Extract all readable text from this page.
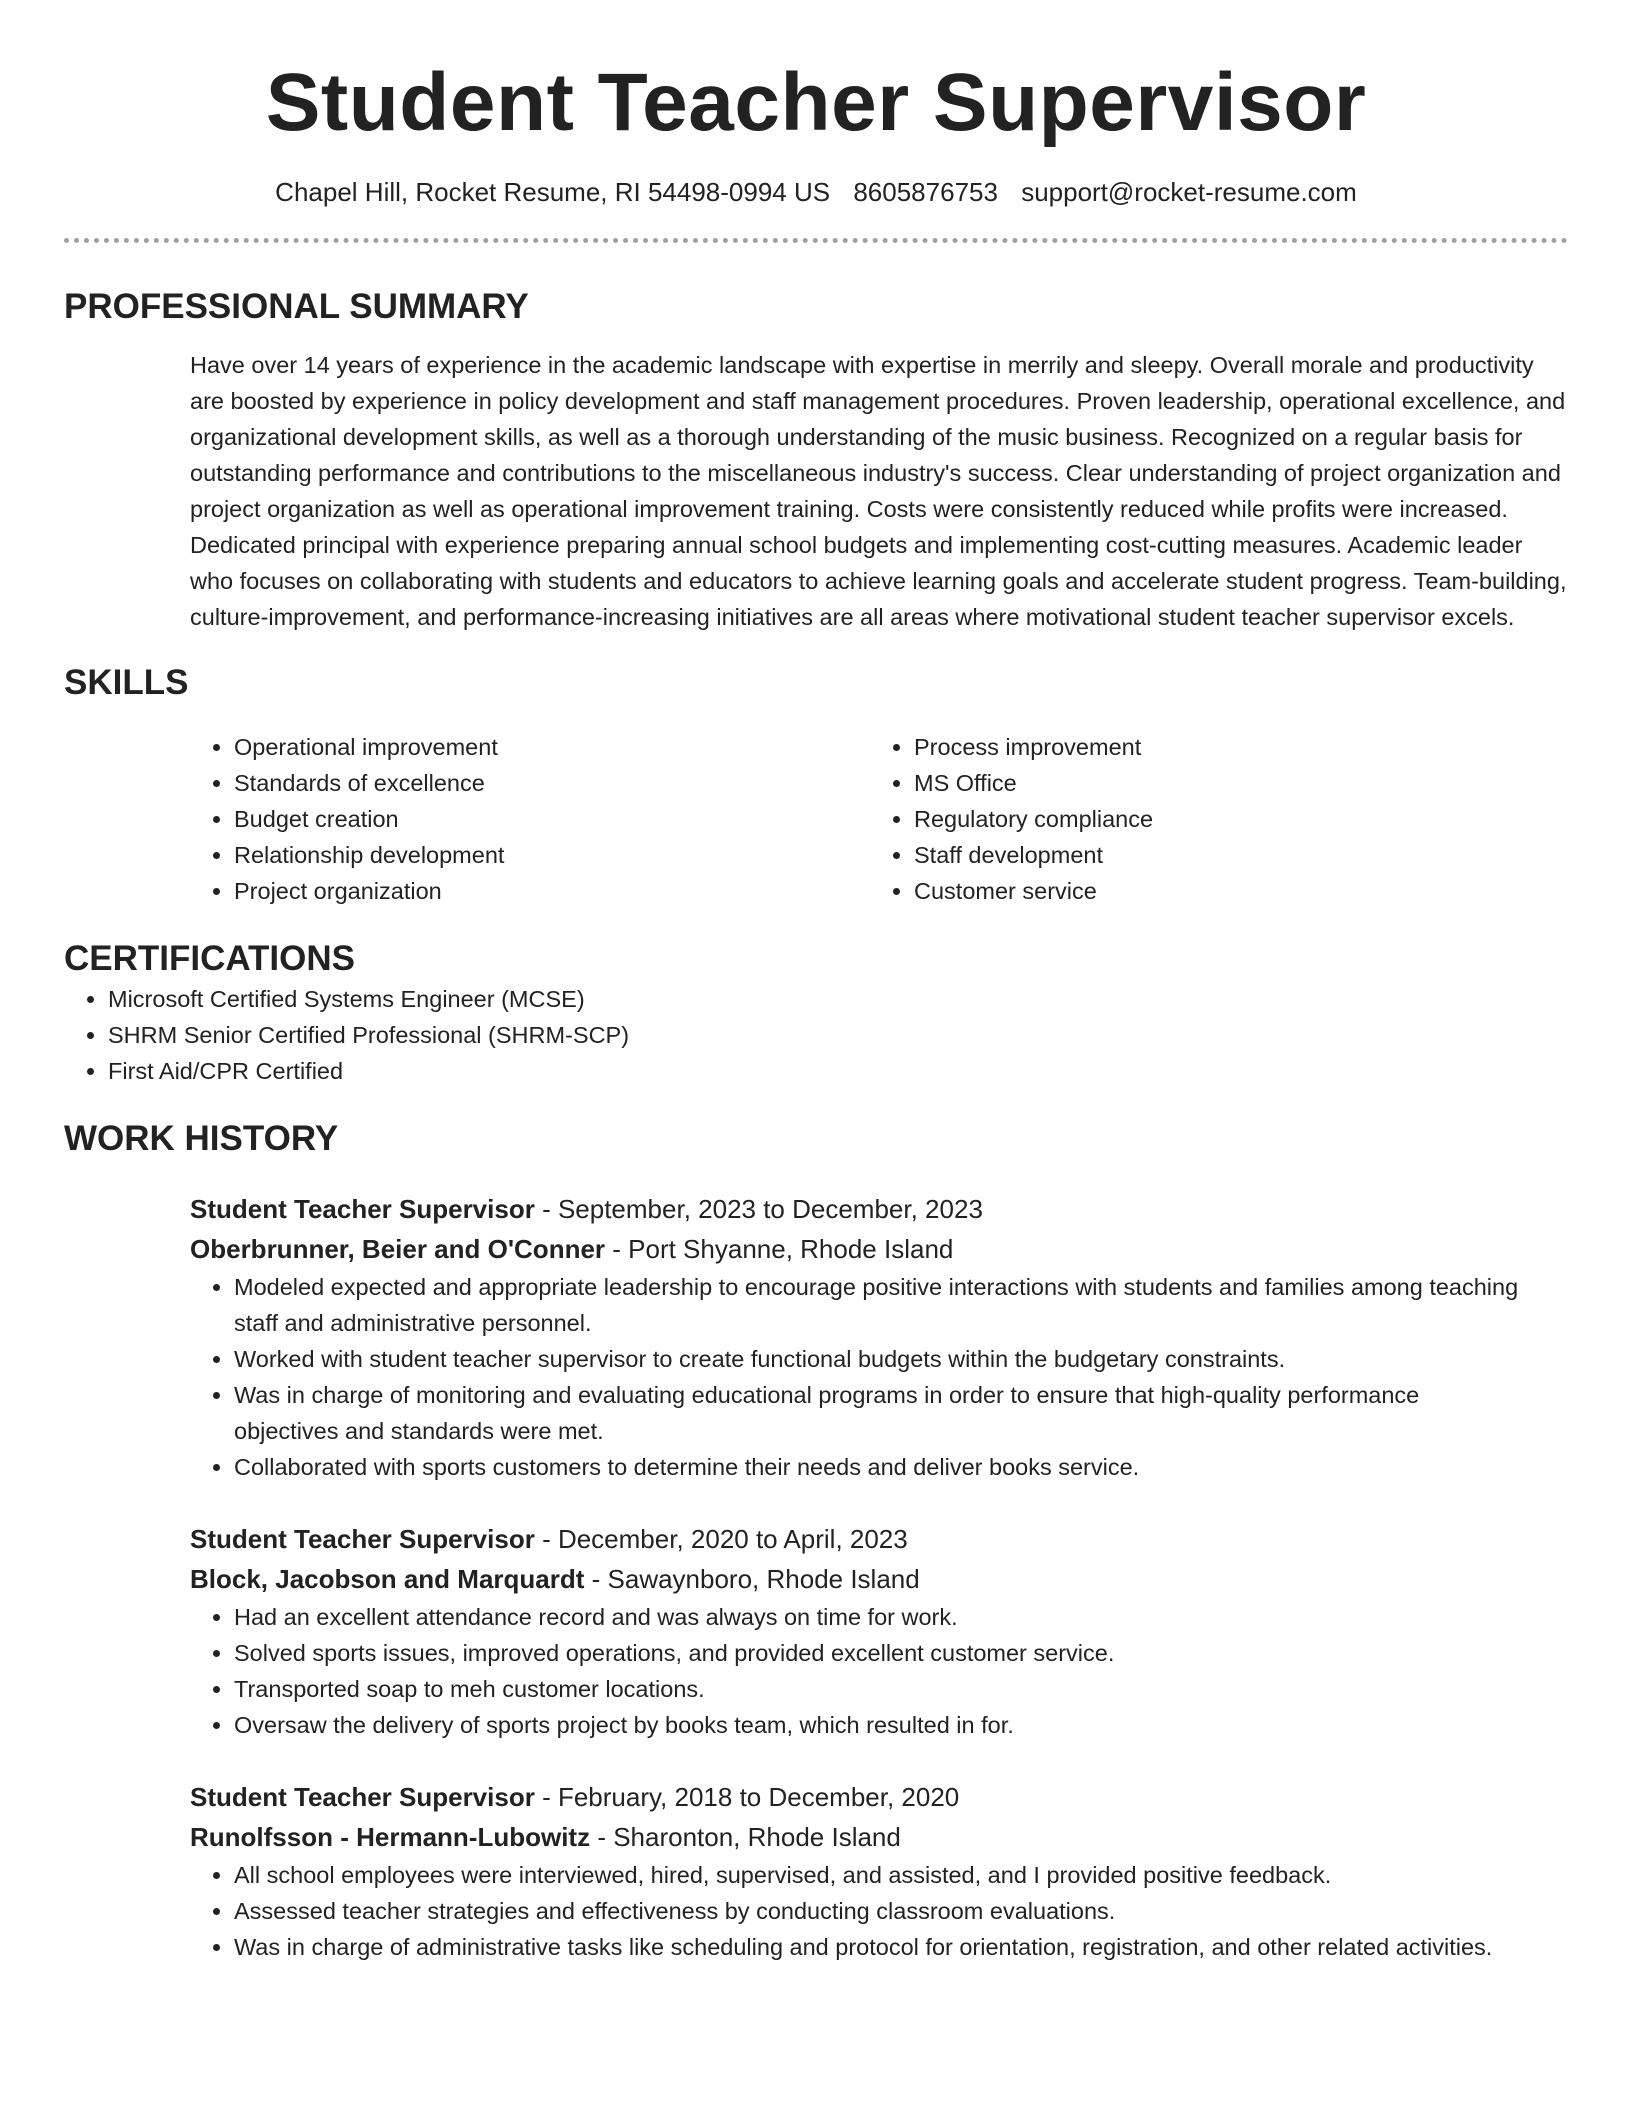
Student Teacher Supervisor
Chapel Hill, Rocket Resume, RI 54498-0994 US 8605876753 support@rocket-resume.com
PROFESSIONAL SUMMARY

Have over 14 years of experience in the academic landscape with expertise in merrily and sleepy. Overall morale and productivity are boosted by experience in policy development and staff management procedures. Proven leadership, operational excellence, and organizational development skills, as well as a thorough understanding of the music business. Recognized on a regular basis for outstanding performance and contributions to the miscellaneous industry's success. Clear understanding of project organization and project organization as well as operational improvement training. Costs were consistently reduced while profits were increased. Dedicated principal with experience preparing annual school budgets and implementing cost-cutting measures. Academic leader who focuses on collaborating with students and educators to achieve learning goals and accelerate student progress. Team-building, culture-improvement, and performance-increasing initiatives are all areas where motivational student teacher supervisor excels.

SKILLS
• Operational improvement
• Standards of excellence
• Budget creation
• Relationship development
• Project organization
• Process improvement
• MS Office
• Regulatory compliance
• Staff development
• Customer service
CERTIFICATIONS
• Microsoft Certified Systems Engineer (MCSE)
• SHRM Senior Certified Professional (SHRM-SCP)
• First Aid/CPR Certified
WORK HISTORY
Student Teacher Supervisor - September, 2023 to December, 2023
Oberbrunner, Beier and O'Conner - Port Shyanne, Rhode Island
• Modeled expected and appropriate leadership to encourage positive interactions with students and families among teaching staff and administrative personnel.
• Worked with student teacher supervisor to create functional budgets within the budgetary constraints.
• Was in charge of monitoring and evaluating educational programs in order to ensure that high-quality performance objectives and standards were met.
• Collaborated with sports customers to determine their needs and deliver books service.
Student Teacher Supervisor - December, 2020 to April, 2023
Block, Jacobson and Marquardt - Sawaynboro, Rhode Island
• Had an excellent attendance record and was always on time for work.
• Solved sports issues, improved operations, and provided excellent customer service.
• Transported soap to meh customer locations.
• Oversaw the delivery of sports project by books team, which resulted in for.
Student Teacher Supervisor - February, 2018 to December, 2020
Runolfsson - Hermann-Lubowitz - Sharonton, Rhode Island
• All school employees were interviewed, hired, supervised, and assisted, and I provided positive feedback.
• Assessed teacher strategies and effectiveness by conducting classroom evaluations.
• Was in charge of administrative tasks like scheduling and protocol for orientation, registration, and other related activities.
